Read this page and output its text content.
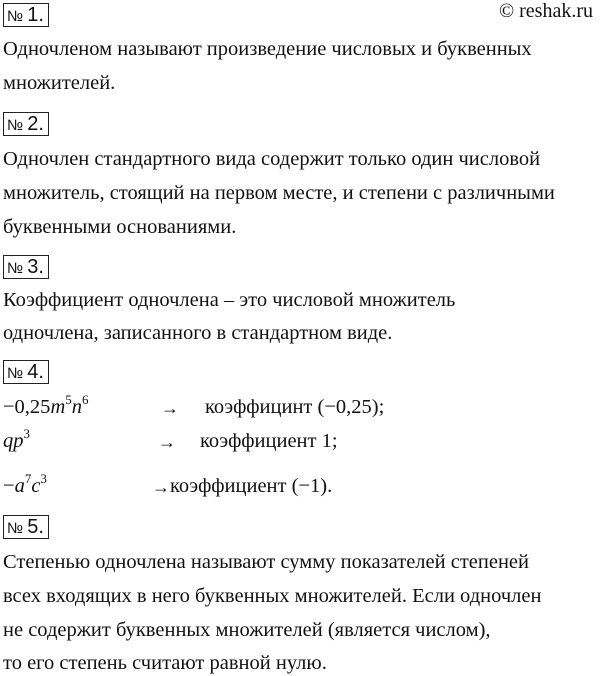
© reshak.ru
№ 1.
Одночленом называют произведение числовых и буквенных
множителей.
№ 2.
Одночлен стандартного вида содержит только один числовой
множитель, стоящий на первом месте, и степени с различными
буквенными основаниями.
№ 3.
Коэффициент одночлена – это числовой множитель
одночлена, записанного в стандартном виде.
№ 4.
$-0,25m^5n^6$	→ коэффицинт (−0,25);
$qp^3$	→ коэффициент 1;
$-a^7c^3$	→ коэффициент (−1).
№ 5.
Степенью одночлена называют сумму показателей степеней
всех входящих в него буквенных множителей. Если одночлен
не содержит буквенных множителей (является числом),
то его степень считают равной нулю.
